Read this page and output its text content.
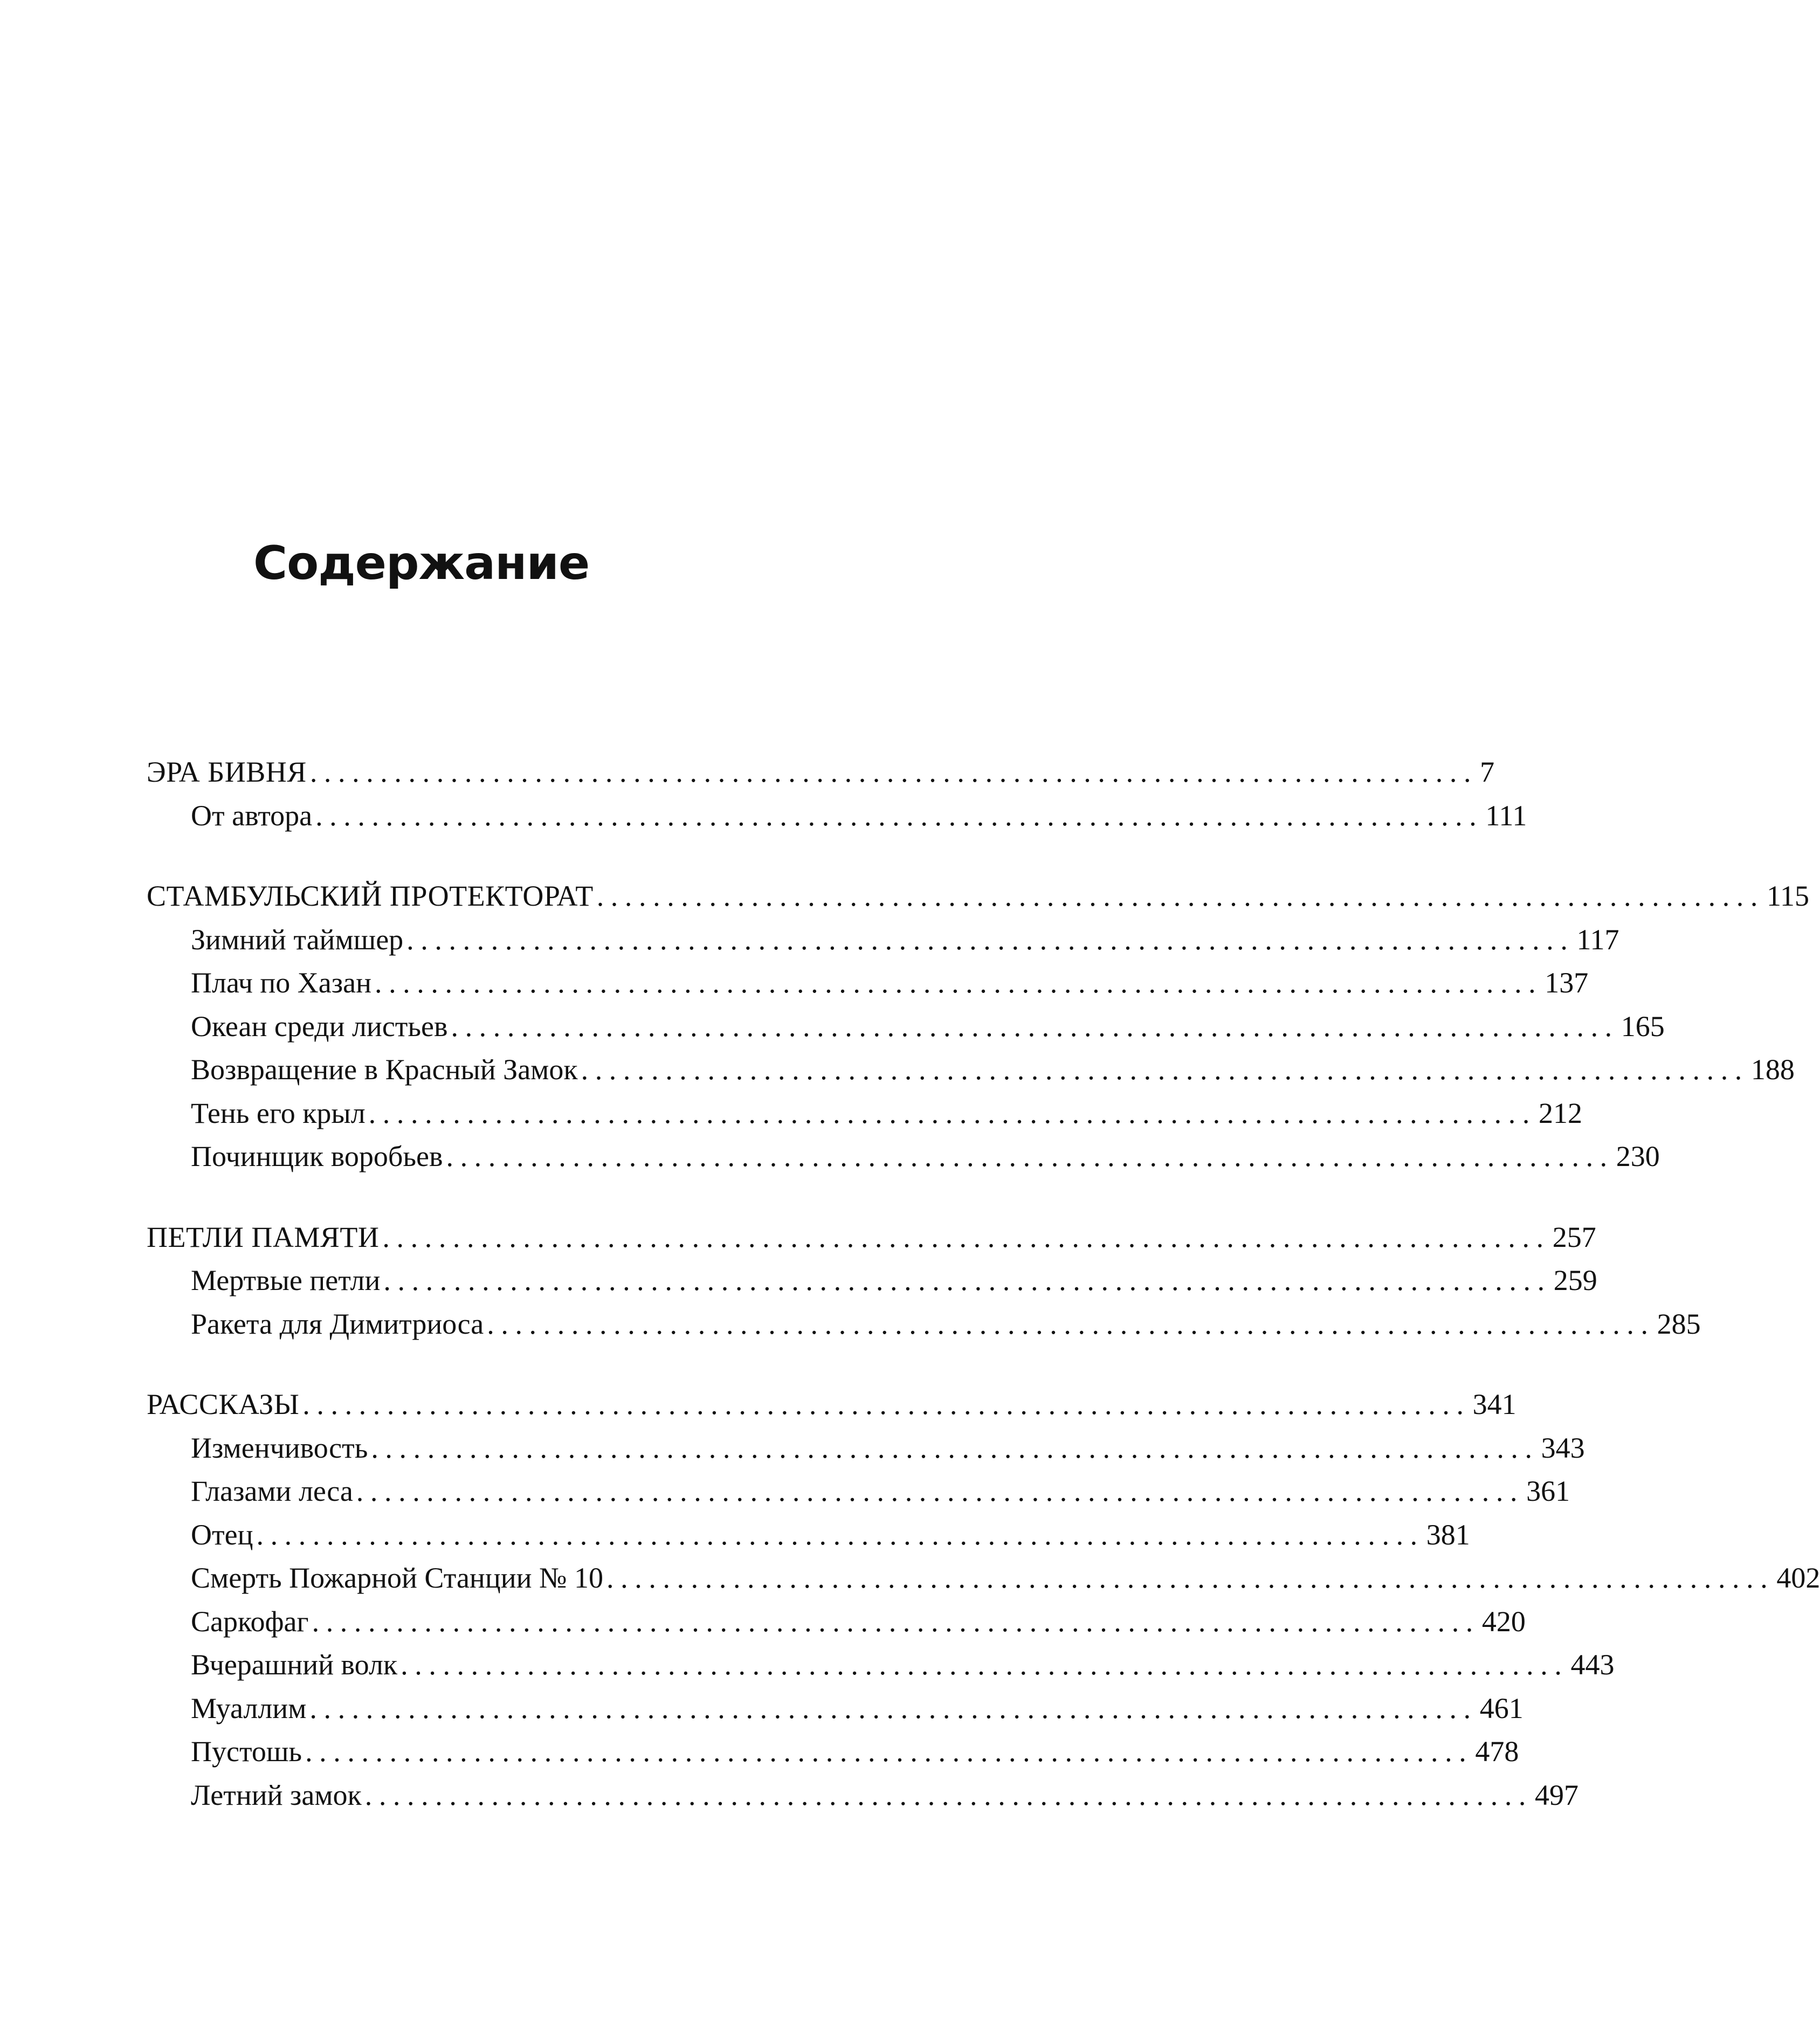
Содержание
ЭРА БИВНЯ ................................................................................... 7
От автора ................................................................................... 111
СТАМБУЛЬСКИЙ ПРОТЕКТОРАТ ................................................................................... 115
Зимний таймшер ................................................................................... 117
Плач по Хазан ................................................................................... 137
Океан среди листьев ................................................................................... 165
Возвращение в Красный Замок ................................................................................... 188
Тень его крыл ................................................................................... 212
Починщик воробьев ................................................................................... 230
ПЕТЛИ ПАМЯТИ ................................................................................... 257
Мертвые петли ................................................................................... 259
Ракета для Димитриоса ................................................................................... 285
РАССКАЗЫ ................................................................................... 341
Изменчивость ................................................................................... 343
Глазами леса ................................................................................... 361
Отец ................................................................................... 381
Смерть Пожарной Станции № 10 ................................................................................... 402
Саркофаг ................................................................................... 420
Вчерашний волк ................................................................................... 443
Муаллим ................................................................................... 461
Пустошь ................................................................................... 478
Летний замок ................................................................................... 497
